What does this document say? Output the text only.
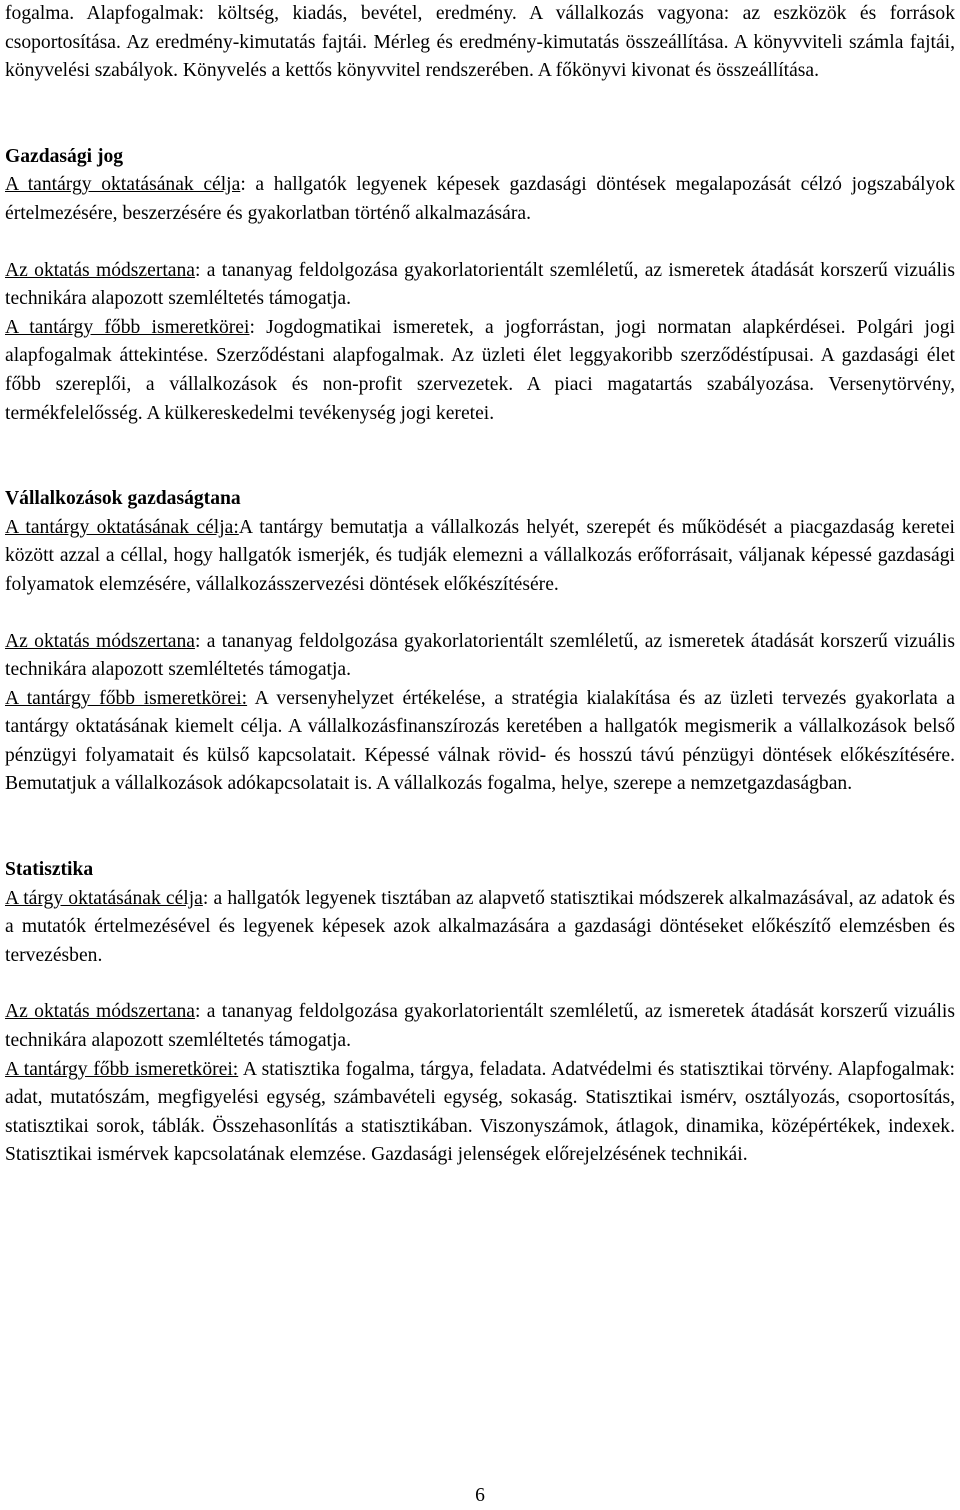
fogalma. Alapfogalmak: költség, kiadás, bevétel, eredmény. A vállalkozás vagyona: az eszközök és források csoportosítása. Az eredmény-kimutatás fajtái. Mérleg és eredmény-kimutatás összeállítása. A könyvviteli számla fajtái, könyvelési szabályok. Könyvelés a kettős könyvvitel rendszerében. A főkönyvi kivonat és összeállítása.

Gazdasági jog

A tantárgy oktatásának célja: a hallgatók legyenek képesek gazdasági döntések megalapozását célzó jogszabályok értelmezésére, beszerzésére és gyakorlatban történő alkalmazására.

Az oktatás módszertana: a tananyag feldolgozása gyakorlatorientált szemléletű, az ismeretek átadását korszerű vizuális technikára alapozott szemléltetés támogatja.

A tantárgy főbb ismeretkörei: Jogdogmatikai ismeretek, a jogforrástan, jogi normatan alapkérdései. Polgári jogi alapfogalmak áttekintése. Szerződéstani alapfogalmak. Az üzleti élet leggyakoribb szerződéstípusai. A gazdasági élet főbb szereplői, a vállalkozások és non-profit szervezetek. A piaci magatartás szabályozása. Versenytörvény, termékfelelősség. A külkereskedelmi tevékenység jogi keretei.

Vállalkozások gazdaságtana

A tantárgy oktatásának célja:A tantárgy bemutatja a vállalkozás helyét, szerepét és működését a piacgazdaság keretei között azzal a céllal, hogy hallgatók ismerjék, és tudják elemezni a vállalkozás erőforrásait, váljanak képessé gazdasági folyamatok elemzésére, vállalkozásszervezési döntések előkészítésére.

Az oktatás módszertana: a tananyag feldolgozása gyakorlatorientált szemléletű, az ismeretek átadását korszerű vizuális technikára alapozott szemléltetés támogatja.

A tantárgy főbb ismeretkörei: A versenyhelyzet értékelése, a stratégia kialakítása és az üzleti tervezés gyakorlata a tantárgy oktatásának kiemelt célja. A vállalkozásfinanszírozás keretében a hallgatók megismerik a vállalkozások belső pénzügyi folyamatait és külső kapcsolatait. Képessé válnak rövid- és hosszú távú pénzügyi döntések előkészítésére. Bemutatjuk a vállalkozások adókapcsolatait is. A vállalkozás fogalma, helye, szerepe a nemzetgazdaságban.

Statisztika

A tárgy oktatásának célja: a hallgatók legyenek tisztában az alapvető statisztikai módszerek alkalmazásával, az adatok és a mutatók értelmezésével és legyenek képesek azok alkalmazására a gazdasági döntéseket előkészítő elemzésben és tervezésben.

Az oktatás módszertana: a tananyag feldolgozása gyakorlatorientált szemléletű, az ismeretek átadását korszerű vizuális technikára alapozott szemléltetés támogatja.

A tantárgy főbb ismeretkörei: A statisztika fogalma, tárgya, feladata. Adatvédelmi és statisztikai törvény. Alapfogalmak: adat, mutatószám, megfigyelési egység, számbavételi egység, sokaság. Statisztikai ismérv, osztályozás, csoportosítás, statisztikai sorok, táblák. Összehasonlítás a statisztikában. Viszonyszámok, átlagok, dinamika, középértékek, indexek. Statisztikai ismérvek kapcsolatának elemzése. Gazdasági jelenségek előrejelzésének technikái.

6
